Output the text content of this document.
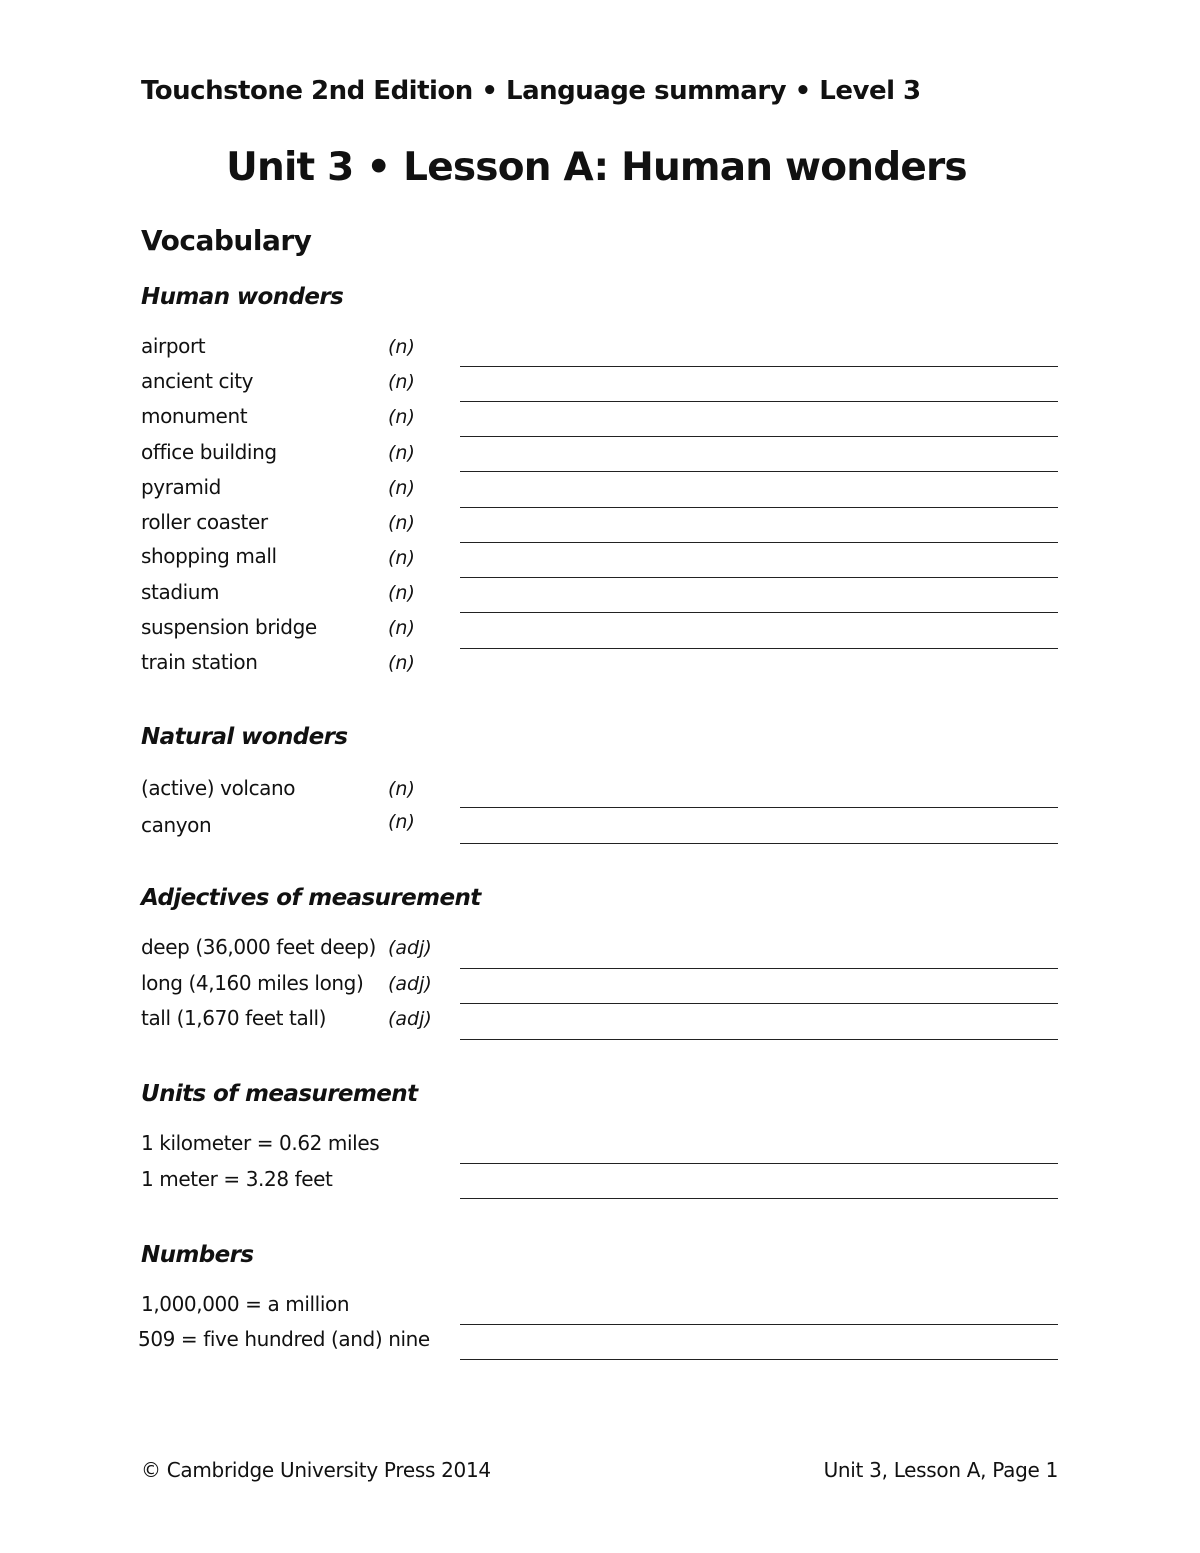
Touchstone 2nd Edition • Language summary • Level 3
Unit 3 • Lesson A: Human wonders
Vocabulary
Human wonders
airport	(n)
ancient city	(n)
monument	(n)
office building	(n)
pyramid	(n)
roller coaster	(n)
shopping mall	(n)
stadium	(n)
suspension bridge	(n)
train station	(n)
Natural wonders
(active) volcano	(n)
canyon	(n)
Adjectives of measurement
deep (36,000 feet deep) (adj)
long (4,160 miles long) (adj)
tall (1,670 feet tall)	(adj)
Units of measurement
1 kilometer = 0.62 miles
1 meter = 3.28 feet
Numbers
1,000,000 = a million
509 = five hundred (and) nine
© Cambridge University Press 2014	Unit 3, Lesson A, Page 1
